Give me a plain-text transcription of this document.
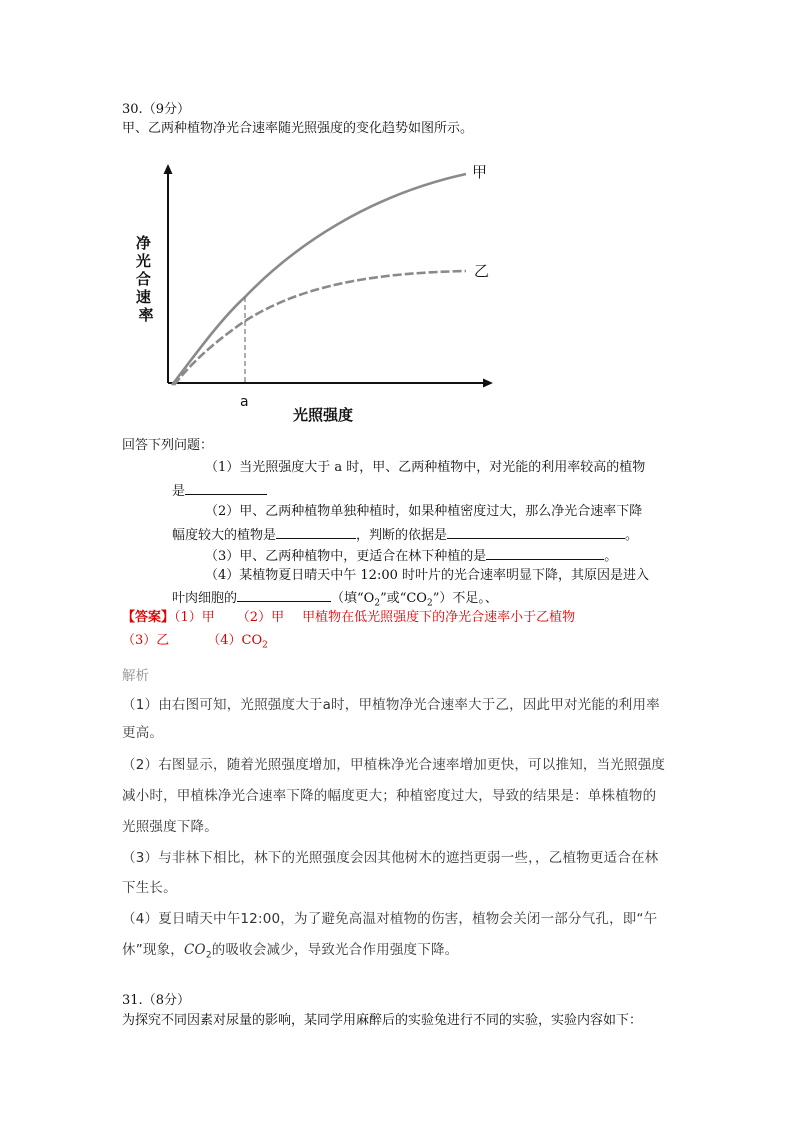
30.（9分）
甲、乙两种植物净光合速率随光照强度的变化趋势如图所示。
甲
乙
a
光照强度
净 光 合 速 率
回答下列问题：
（1）当光照强度大于 a 时，甲、乙两种植物中，对光能的利用率较高的植物
是
（2）甲、乙两种植物单独种植时，如果种植密度过大，那么净光合速率下降
幅度较大的植物是	，判断的依据是	。
（3）甲、乙两种植物中，更适合在林下种植的是	。
（4）某植物夏日晴天中午 12:00 时叶片的光合速率明显下降，其原因是进入
叶肉细胞的	（填“$O_2$”或“$CO_2$”）不足。、
【答案】（1）甲 （2）甲 甲植物在低光照强度下的净光合速率小于乙植物
（3）乙	$(4)CO_2$
解析
（1）由右图可知，光照强度大于a时，甲植物净光合速率大于乙，因此甲对光能的利用率
更高。
（2）右图显示，随着光照强度增加，甲植株净光合速率增加更快，可以推知，当光照强度
减小时，甲植株净光合速率下降的幅度更大；种植密度过大，导致的结果是：单株植物的
光照强度下降。
（3）与非林下相比，林下的光照强度会因其他树木的遮挡更弱一些，，乙植物更适合在林
下生长。
（4）夏日晴天中午12:00，为了避免高温对植物的伤害，植物会关闭一部分气孔，即“午
休”现象，$CO_2$的吸收会减少，导致光合作用强度下降。
31.（8分）
为探究不同因素对尿量的影响，某同学用麻醉后的实验兔进行不同的实验，实验内容如下：
